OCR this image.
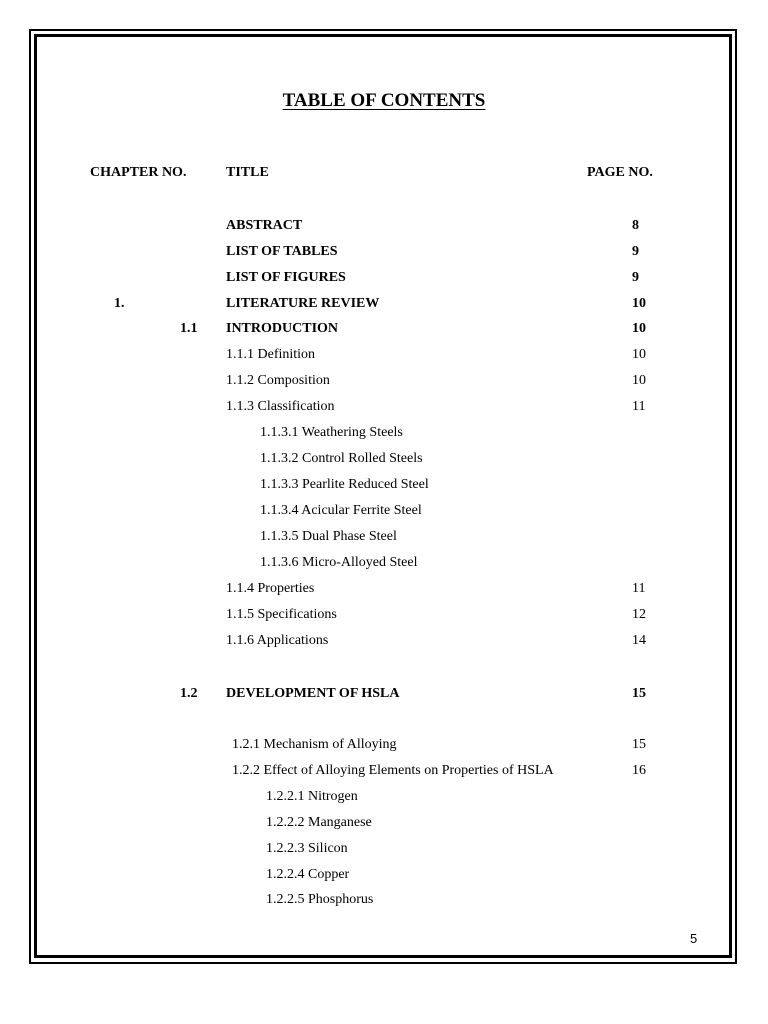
TABLE OF CONTENTS
CHAPTER NO.	TITLE	PAGE NO.
ABSTRACT	8
LIST OF TABLES	9
LIST OF FIGURES	9
1.	LITERATURE REVIEW	10
1.1 INTRODUCTION	10
1.1.1 Definition	10
1.1.2 Composition	10
1.1.3 Classification	11
1.1.3.1 Weathering Steels
1.1.3.2 Control Rolled Steels
1.1.3.3 Pearlite Reduced Steel
1.1.3.4 Acicular Ferrite Steel
1.1.3.5 Dual Phase Steel
1.1.3.6 Micro-Alloyed Steel
1.1.4 Properties	11
1.1.5 Specifications	12
1.1.6 Applications	14
1.2 DEVELOPMENT OF HSLA	15
1.2.1 Mechanism of Alloying	15
1.2.2 Effect of Alloying Elements on Properties of HSLA	16
1.2.2.1 Nitrogen
1.2.2.2 Manganese
1.2.2.3 Silicon
1.2.2.4 Copper
1.2.2.5 Phosphorus
5
